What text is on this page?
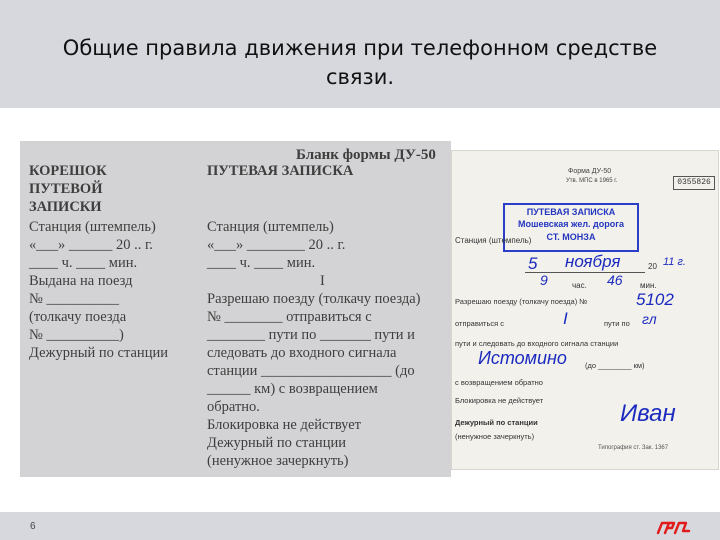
Общие правила движения при телефонном средстве
связи.
Бланк формы ДУ-50
КОРЕШОК
ПУТЕВОЙ
ЗАПИСКИ
Станция (штемпель)
«___» ______ 20 .. г.
____ ч. ____ мин.
Выдана на поезд
№ __________
(толкачу поезда
№ __________)
Дежурный по станции
ПУТЕВАЯ ЗАПИСКА
Станция (штемпель)
«___» ________ 20 .. г.
____ ч. ____ мин.
I
Разрешаю поезду (толкачу поезда)
№ ________ отправиться с
________ пути по _______ пути и
следовать до входного сигнала
станции __________________ (до
______ км) с возвращением
обратно.
Блокировка не действует
Дежурный по станции
(ненужное зачеркнуть)
Форма ДУ-50
Утв. МПС в 1965 г.	0355826
ПУТЕВАЯ ЗАПИСКА
Мошевская жел. дорога
СТ. МОНЗА
Станция (штемпель)
5 ноября	20 11 г.
9	час. 46 мин.
Разрешаю поезду (толкачу поезда) №	5102
отправиться с	I	пути по гл
пути и следовать до входного сигнала станции
Истомино (до ________ км)
с возвращением обратно
Блокировка не действует
Дежурный по станции
(ненужное зачеркнуть)
Иван
Типография ст. Зак. 1367
6
